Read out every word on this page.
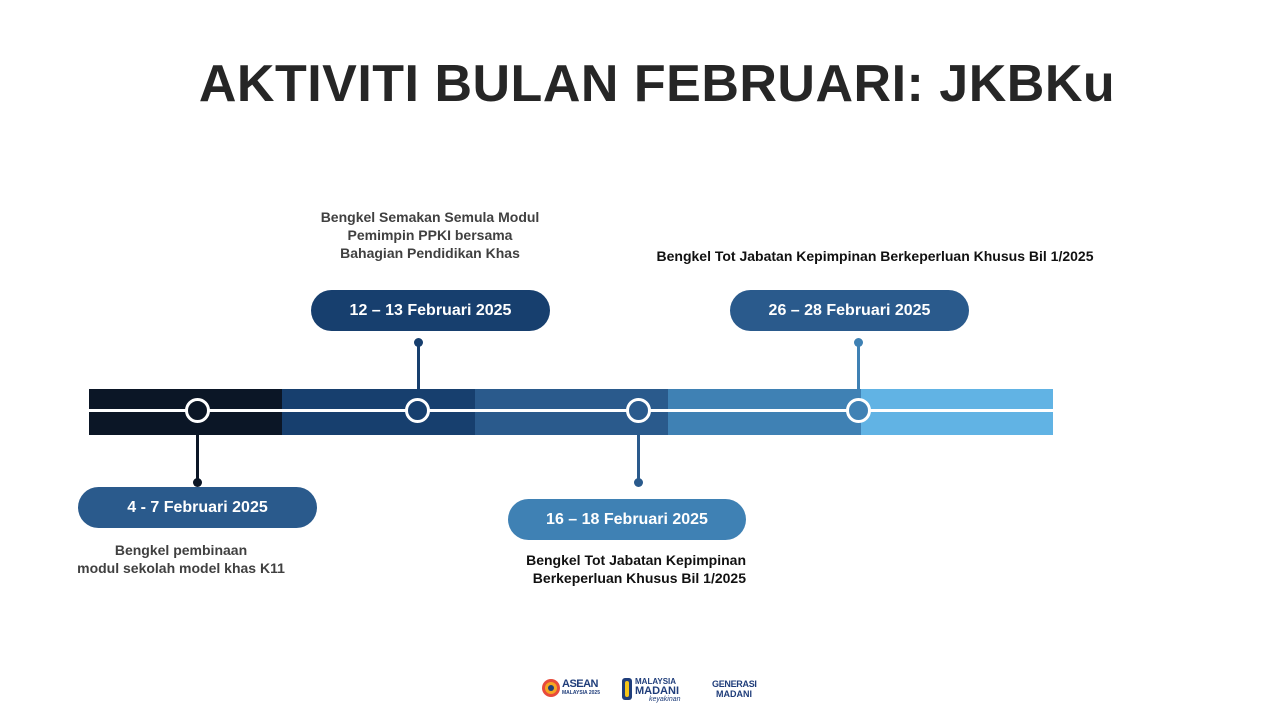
AKTIVITI BULAN FEBRUARI: JKBKu
4 - 7 Februari 2025
Bengkel pembinaan
modul sekolah model khas K11
Bengkel Semakan Semula Modul
Pemimpin PPKI bersama
Bahagian Pendidikan Khas
12 – 13 Februari 2025
16 – 18 Februari 2025
Bengkel Tot Jabatan Kepimpinan
Berkeperluan Khusus Bil 1/2025
Bengkel Tot Jabatan Kepimpinan Berkeperluan Khusus Bil 1/2025
26 – 28 Februari 2025
ASEAN
MALAYSIA 2025
MALAYSIA
MADANI
keyakinan
GENERASI
MADANI
